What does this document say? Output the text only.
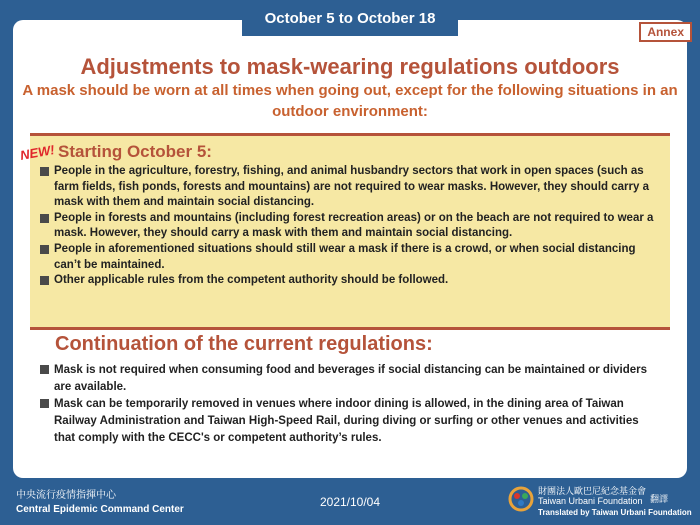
October 5 to October 18
Annex
Adjustments to mask-wearing regulations outdoors
A mask should be worn at all times when going out, except for the following situations in an outdoor environment:
NEW! Starting October 5:
People in the agriculture, forestry, fishing, and animal husbandry sectors that work in open spaces (such as farm fields, fish ponds, forests and mountains) are not required to wear masks. However, they should carry a mask with them and maintain social distancing.
People in forests and mountains (including forest recreation areas) or on the beach are not required to wear a mask. However, they should carry a mask with them and maintain social distancing.
People in aforementioned situations should still wear a mask if there is a crowd, or when social distancing can’t be maintained.
Other applicable rules from the competent authority should be followed.
Continuation of the current regulations:
Mask is not required when consuming food and beverages if social distancing can be maintained or dividers are available.
Mask can be temporarily removed in venues where indoor dining is allowed, in the dining area of Taiwan Railway Administration and Taiwan High-Speed Rail, during diving or surfing or other venues and activities that comply with the CECC's or competent authority’s rules.
中央流行疫情指揮中心
Central Epidemic Command Center
2021/10/04
財團法人歐巴尼紀念基金會
Taiwan Urbani Foundation 翻譯
Translated by Taiwan Urbani Foundation
